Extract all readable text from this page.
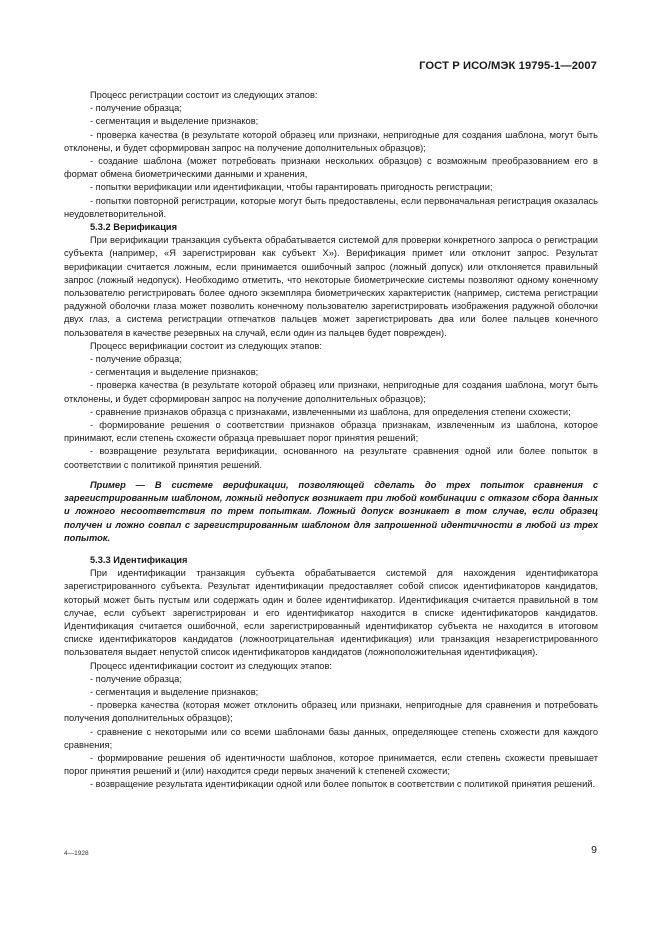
ГОСТ Р ИСО/МЭК 19795-1—2007

Процесс регистрации состоит из следующих этапов:

- получение образца;

- сегментация и выделение признаков;

- проверка качества (в результате которой образец или признаки, непригодные для создания шаблона, могут быть отклонены, и будет сформирован запрос на получение дополнительных образцов);

- создание шаблона (может потребовать признаки нескольких образцов) с возможным преобразованием его в формат обмена биометрическими данными и хранения,

- попытки верификации или идентификации, чтобы гарантировать пригодность регистрации;

- попытки повторной регистрации, которые могут быть предоставлены, если первоначальная регистрация оказалась неудовлетворительной.

5.3.2 Верификация

При верификации транзакция субъекта обрабатывается системой для проверки конкретного запроса о регистрации субъекта (например, «Я зарегистрирован как субъект X»). Верификация примет или отклонит запрос. Результат верификации считается ложным, если принимается ошибочный запрос (ложный допуск) или отклоняется правильный запрос (ложный недопуск). Необходимо отметить, что некоторые биометрические системы позволяют одному конечному пользователю регистрировать более одного экземпляра биометрических характеристик (например, система регистрации радужной оболочки глаза может позволить конечному пользователю зарегистрировать изображения радужной оболочки двух глаз, а система регистрации отпечатков пальцев может зарегистрировать два или более пальцев конечного пользователя в качестве резервных на случай, если один из пальцев будет поврежден).

Процесс верификации состоит из следующих этапов:

- получение образца;

- сегментация и выделение признаков;

- проверка качества (в результате которой образец или признаки, непригодные для создания шаблона, могут быть отклонены, и будет сформирован запрос на получение дополнительных образцов);

- сравнение признаков образца с признаками, извлеченными из шаблона, для определения степени схожести;

- формирование решения о соответствии признаков образца признакам, извлеченным из шаблона, которое принимают, если степень схожести образца превышает порог принятия решений;

- возвращение результата верификации, основанного на результате сравнения одной или более попыток в соответствии с политикой принятия решений.

Пример — В системе верификации, позволяющей сделать до трех попыток сравнения с зарегистрированным шаблоном, ложный недопуск возникает при любой комбинации с отказом сбора данных и ложного несоответствия по трем попыткам. Ложный допуск возникает в том случае, если образец получен и ложно совпал с зарегистрированным шаблоном для запрошенной идентичности в любой из трех попыток.

5.3.3 Идентификация

При идентификации транзакция субъекта обрабатывается системой для нахождения идентификатора зарегистрированного субъекта. Результат идентификации предоставляет собой список идентификаторов кандидатов, который может быть пустым или содержать один и более идентификатор. Идентификация считается правильной в том случае, если субъект зарегистрирован и его идентификатор находится в списке идентификаторов кандидатов. Идентификация считается ошибочной, если зарегистрированный идентификатор субъекта не находится в итоговом списке идентификаторов кандидатов (ложноотрицательная идентификация) или транзакция незарегистрированного пользователя выдает непустой список идентификаторов кандидатов (ложноположительная идентификация).

Процесс идентификации состоит из следующих этапов:

- получение образца;

- сегментация и выделение признаков;

- проверка качества (которая может отклонить образец или признаки, непригодные для сравнения и потребовать получения дополнительных образцов);

- сравнение с некоторыми или со всеми шаблонами базы данных, определяющее степень схожести для каждого сравнения;

- формирование решения об идентичности шаблонов, которое принимается, если степень схожести превышает порог принятия решений и (или) находится среди первых значений k степеней схожести;

- возвращение результата идентификации одной или более попыток в соответствии с политикой принятия решений.

4—1928	9
